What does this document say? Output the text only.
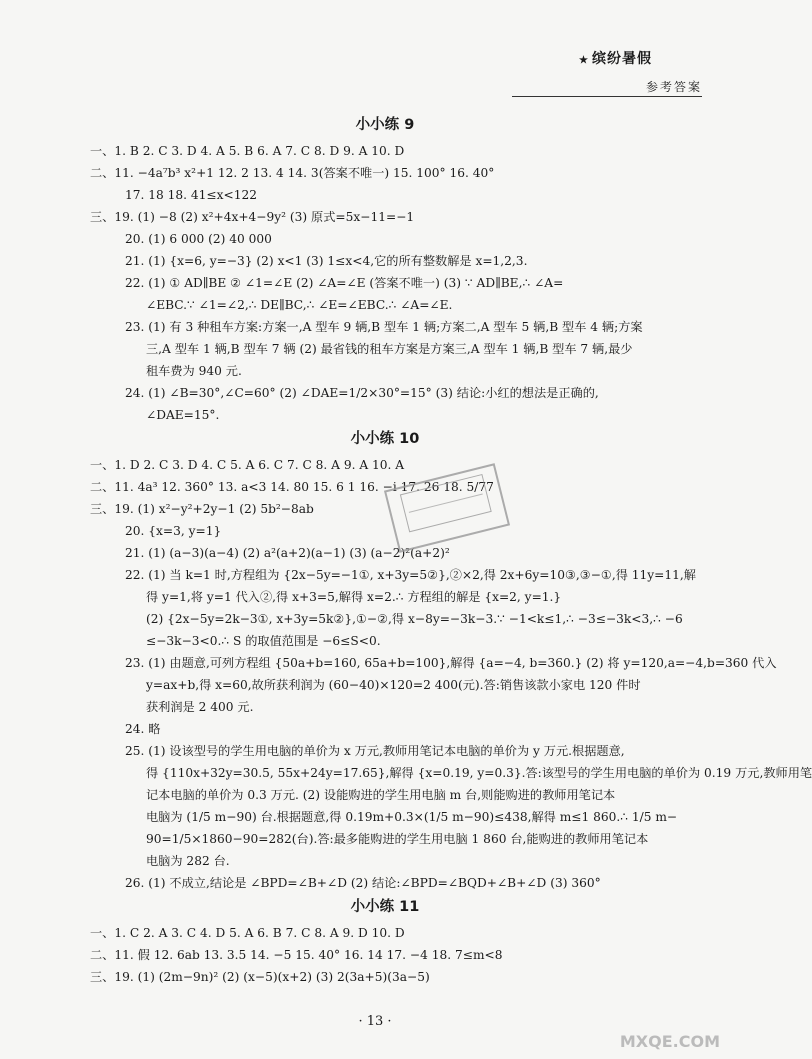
★ 缤纷暑假
参考答案
小小练 9
一、1. B 2. C 3. D 4. A 5. B 6. A 7. C 8. D 9. A 10. D
二、11. −4a⁷b³ x²+1 12. 2 13. 4 14. 3(答案不唯一) 15. 100° 16. 40°
17. 18 18. 41≤x<122
三、19. (1) −8 (2) x²+4x+4−9y² (3) 原式=5x−11=−1
20. (1) 6 000 (2) 40 000
21. (1) {x=6, y=−3} (2) x<1 (3) 1≤x<4,它的所有整数解是 x=1,2,3.
22. (1) ① AD∥BE ② ∠1=∠E (2) ∠A=∠E (答案不唯一) (3) ∵ AD∥BE,∴ ∠A=
∠EBC.∵ ∠1=∠2,∴ DE∥BC,∴ ∠E=∠EBC.∴ ∠A=∠E.
23. (1) 有 3 种租车方案:方案一,A 型车 9 辆,B 型车 1 辆;方案二,A 型车 5 辆,B 型车 4 辆;方案
三,A 型车 1 辆,B 型车 7 辆 (2) 最省钱的租车方案是方案三,A 型车 1 辆,B 型车 7 辆,最少
租车费为 940 元.
24. (1) ∠B=30°,∠C=60° (2) ∠DAE=1/2×30°=15° (3) 结论:小红的想法是正确的,
∠DAE=15°.
小小练 10
一、1. D 2. C 3. D 4. C 5. A 6. C 7. C 8. A 9. A 10. A
二、11. 4a³ 12. 360° 13. a<3 14. 80 15. 6 1 16. −i 17. 26 18. 5/77
三、19. (1) x²−y²+2y−1 (2) 5b²−8ab
20. {x=3, y=1}
21. (1) (a−3)(a−4) (2) a²(a+2)(a−1) (3) (a−2)²(a+2)²
22. (1) 当 k=1 时,方程组为 {2x−5y=−1①, x+3y=5②},②×2,得 2x+6y=10③,③−①,得 11y=11,解
得 y=1,将 y=1 代入②,得 x+3=5,解得 x=2.∴ 方程组的解是 {x=2, y=1.}
(2) {2x−5y=2k−3①, x+3y=5k②},①−②,得 x−8y=−3k−3.∵ −1<k≤1,∴ −3≤−3k<3,∴ −6
≤−3k−3<0.∴ S 的取值范围是 −6≤S<0.
23. (1) 由题意,可列方程组 {50a+b=160, 65a+b=100},解得 {a=−4, b=360.} (2) 将 y=120,a=−4,b=360 代入
y=ax+b,得 x=60,故所获利润为 (60−40)×120=2 400(元).答:销售该款小家电 120 件时
获利润是 2 400 元.
24. 略
25. (1) 设该型号的学生用电脑的单价为 x 万元,教师用笔记本电脑的单价为 y 万元.根据题意,
得 {110x+32y=30.5, 55x+24y=17.65},解得 {x=0.19, y=0.3}.答:该型号的学生用电脑的单价为 0.19 万元,教师用笔
记本电脑的单价为 0.3 万元. (2) 设能购进的学生用电脑 m 台,则能购进的教师用笔记本
电脑为 (1/5 m−90) 台.根据题意,得 0.19m+0.3×(1/5 m−90)≤438,解得 m≤1 860.∴ 1/5 m−
90=1/5×1860−90=282(台).答:最多能购进的学生用电脑 1 860 台,能购进的教师用笔记本
电脑为 282 台.
26. (1) 不成立,结论是 ∠BPD=∠B+∠D (2) 结论:∠BPD=∠BQD+∠B+∠D (3) 360°
小小练 11
一、1. C 2. A 3. C 4. D 5. A 6. B 7. C 8. A 9. D 10. D
二、11. 假 12. 6ab 13. 3.5 14. −5 15. 40° 16. 14 17. −4 18. 7≤m<8
三、19. (1) (2m−9n)² (2) (x−5)(x+2) (3) 2(3a+5)(3a−5)
· 13 ·
MXQE.COM
